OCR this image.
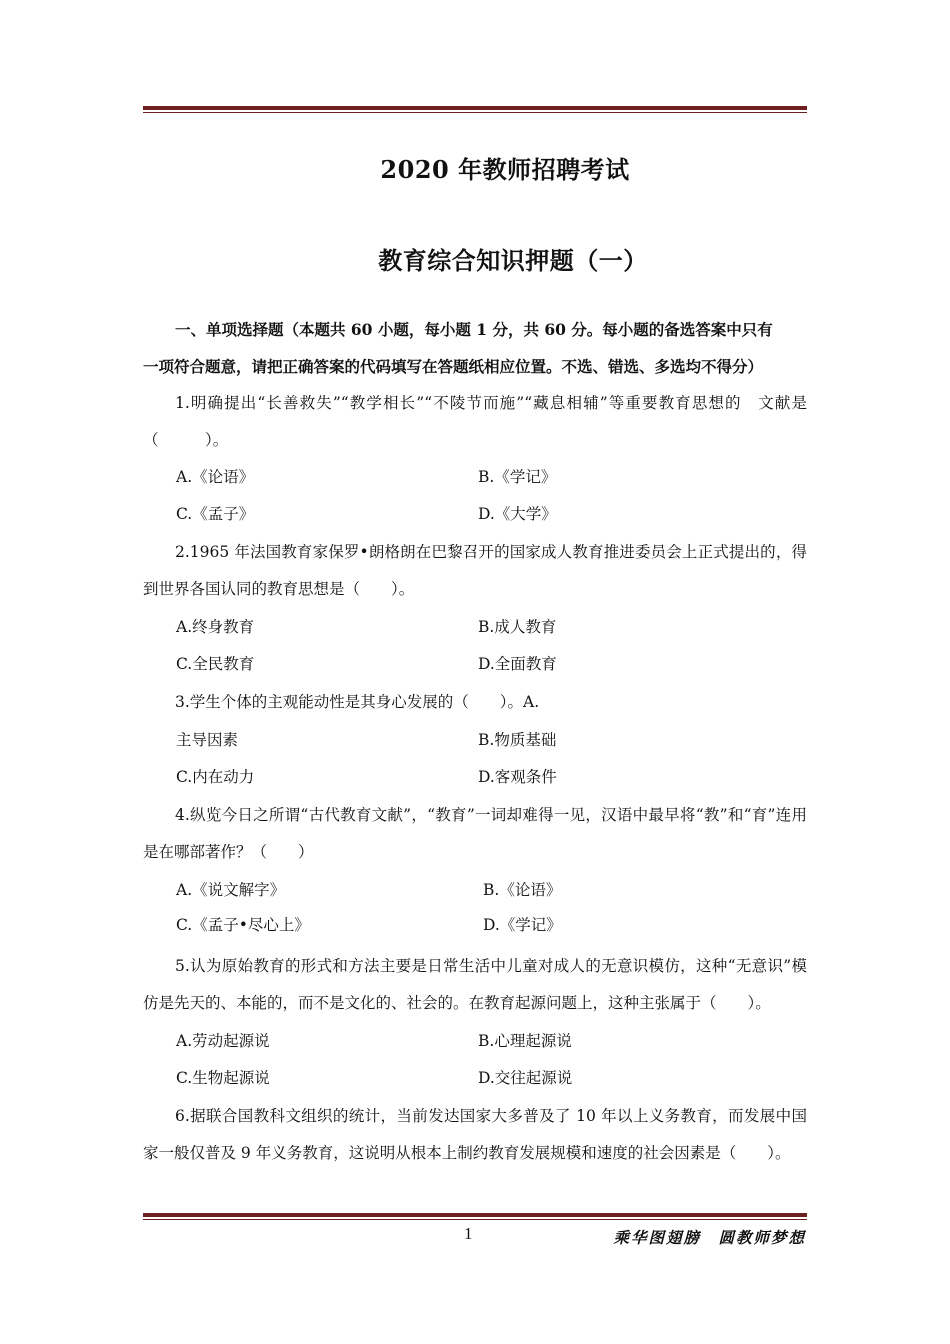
2020 年教师招聘考试
教育综合知识押题（一）
一、单项选择题（本题共 60 小题，每小题 1 分，共 60 分。每小题的备选答案中只有
一项符合题意，请把正确答案的代码填写在答题纸相应位置。不选、错选、多选均不得分）
1.明确提出“长善救失”“教学相长”“不陵节而施”“藏息相辅”等重要教育思想的　文献是（　　　）。
A.《论语》	B.《学记》
C.《孟子》	D.《大学》
2.1965 年法国教育家保罗•朗格朗在巴黎召开的国家成人教育推进委员会上正式提出的，得到世界各国认同的教育思想是（　　）。
A.终身教育	B.成人教育
C.全民教育	D.全面教育
3.学生个体的主观能动性是其身心发展的（　　）。A.
主导因素	B.物质基础
C.内在动力	D.客观条件
4.纵览今日之所谓“古代教育文献”，“教育”一词却难得一见，汉语中最早将“教”和“育”连用是在哪部著作？（　　）
A.《说文解字》	B.《论语》
C.《孟子•尽心上》	D.《学记》
5.认为原始教育的形式和方法主要是日常生活中儿童对成人的无意识模仿，这种“无意识”模仿是先天的、本能的，而不是文化的、社会的。在教育起源问题上，这种主张属于（　　）。
A.劳动起源说	B.心理起源说
C.生物起源说	D.交往起源说
6.据联合国教科文组织的统计，当前发达国家大多普及了 10 年以上义务教育，而发展中国家一般仅普及 9 年义务教育，这说明从根本上制约教育发展规模和速度的社会因素是（　　）。
1	乘华图翅膀　圆教师梦想
